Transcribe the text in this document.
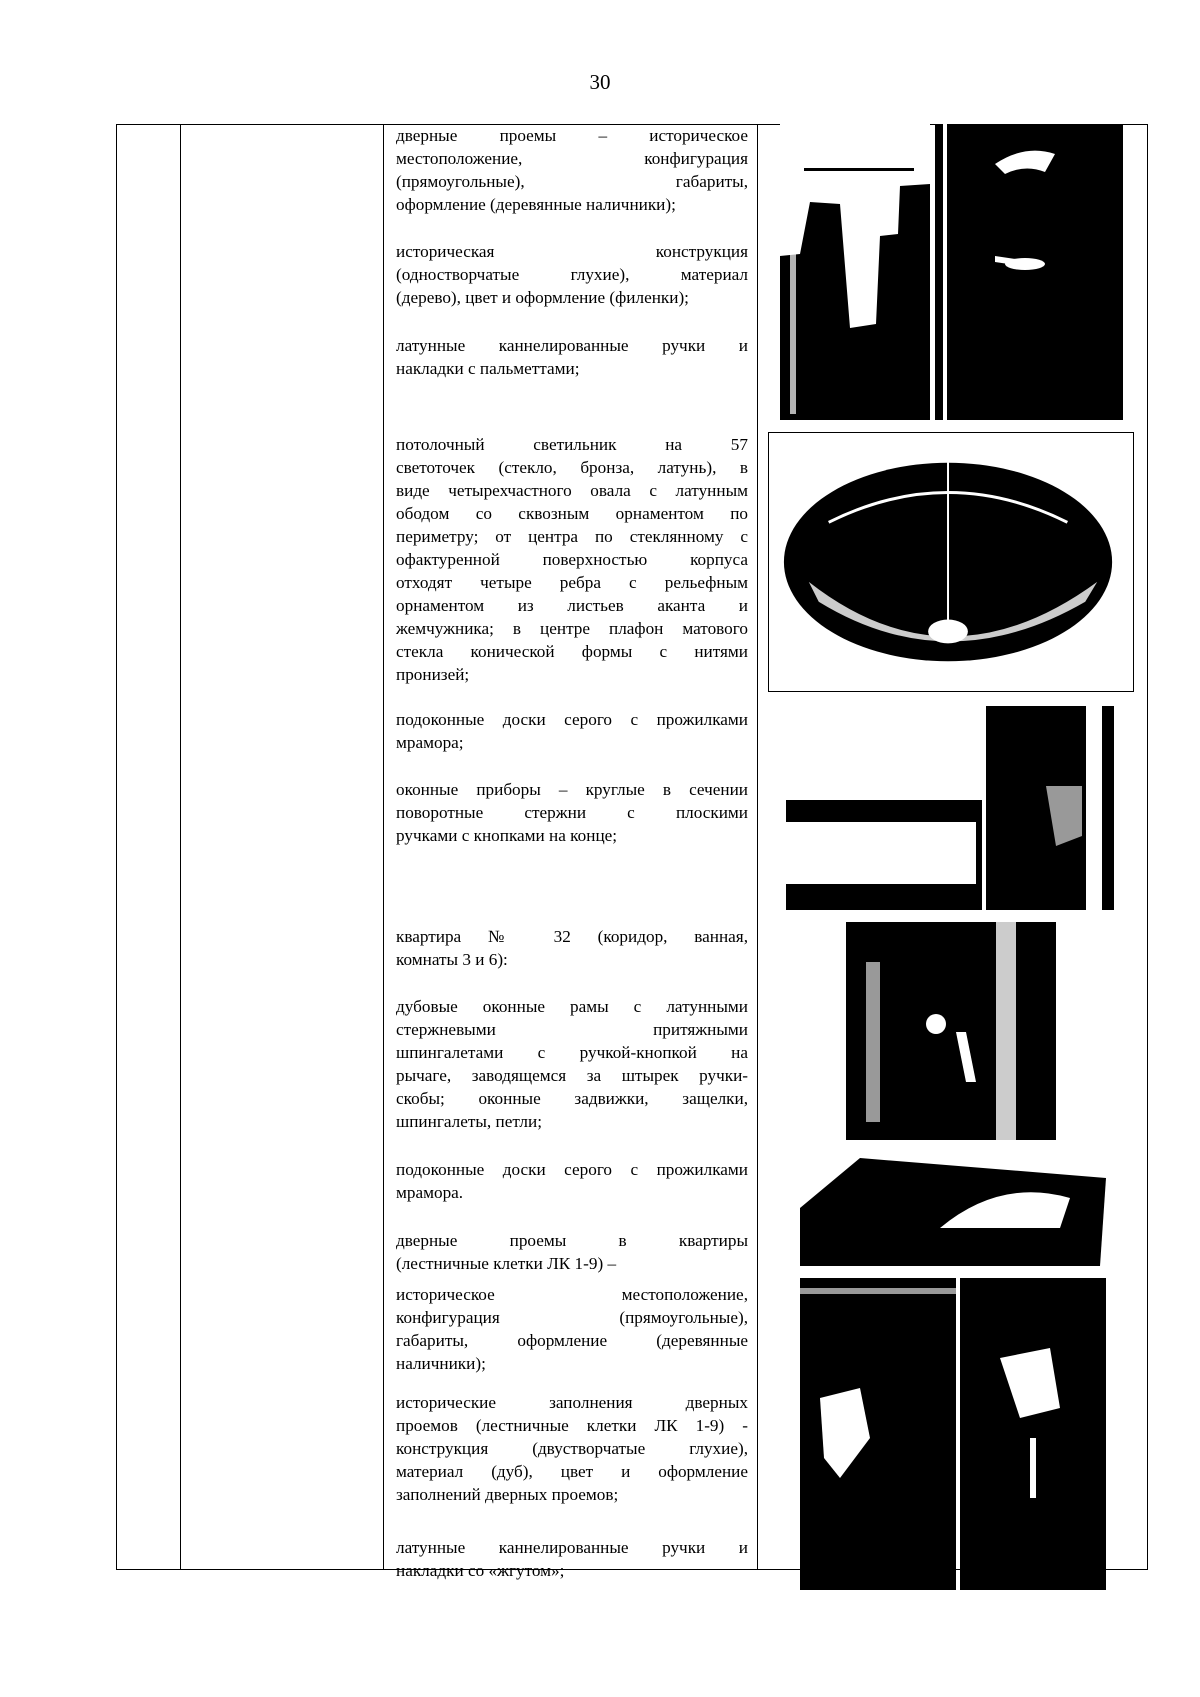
30
дверные проемы – историческое
местоположение, конфигурация
(прямоугольные), габариты,
оформление (деревянные наличники);
историческая конструкция
(одностворчатые глухие), материал
(дерево), цвет и оформление (филенки);
латунные каннелированные ручки и
накладки с пальметтами;
потолочный светильник на 57
светоточек (стекло, бронза, латунь), в
виде четырехчастного овала с латунным
ободом со сквозным орнаментом по
периметру; от центра по стеклянному с
офактуренной поверхностью корпуса
отходят четыре ребра с рельефным
орнаментом из листьев аканта и
жемчужника; в центре плафон матового
стекла конической формы с нитями
пронизей;
подоконные доски серого с прожилками
мрамора;
оконные приборы – круглые в сечении
поворотные стержни с плоскими
ручками с кнопками на конце;
квартира № 32 (коридор, ванная,
комнаты 3 и 6):
дубовые оконные рамы с латунными
стержневыми притяжными
шпингалетами с ручкой-кнопкой на
рычаге, заводящемся за штырек ручки-
скобы; оконные задвижки, защелки,
шпингалеты, петли;
подоконные доски серого с прожилками
мрамора.
дверные проемы в квартиры
(лестничные клетки ЛК 1-9) –
историческое местоположение,
конфигурация (прямоугольные),
габариты, оформление (деревянные
наличники);
исторические заполнения дверных
проемов (лестничные клетки ЛК 1-9) -
конструкция (двустворчатые глухие),
материал (дуб), цвет и оформление
заполнений дверных проемов;
латунные каннелированные ручки и
накладки со «жгутом»;
